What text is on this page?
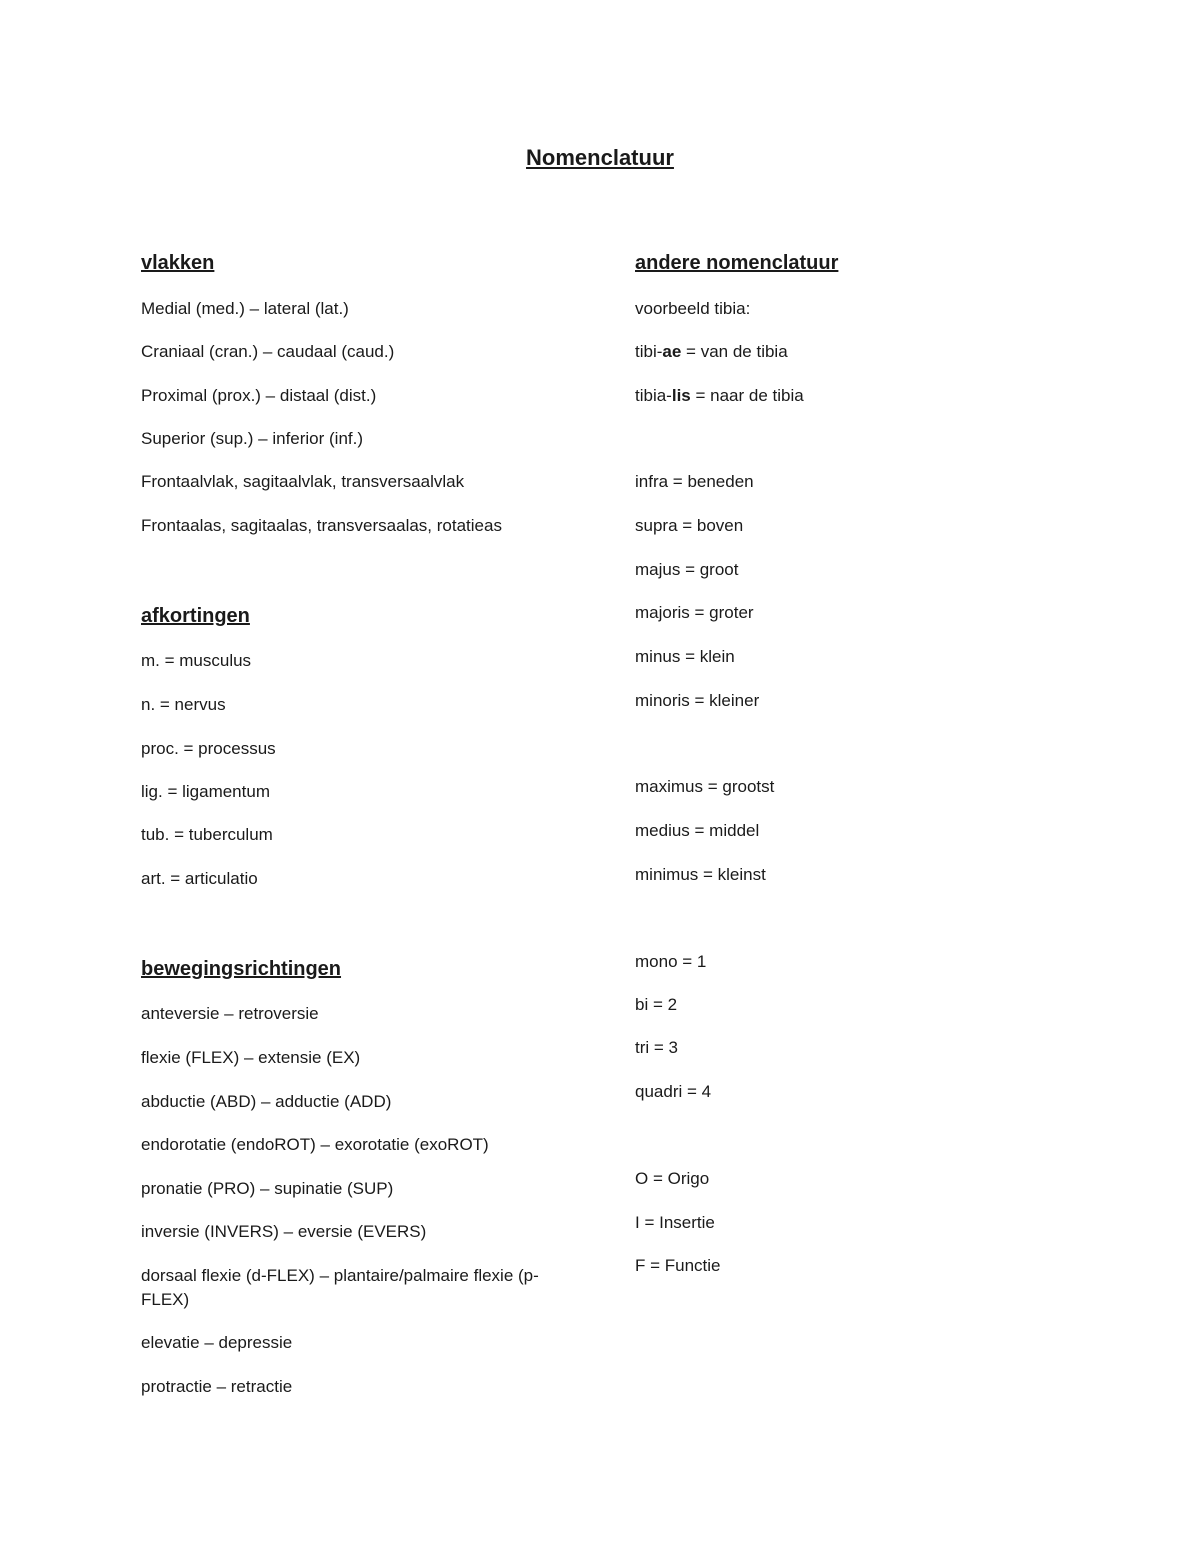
Nomenclatuur
vlakken
Medial (med.) – lateral (lat.)
Craniaal (cran.) – caudaal (caud.)
Proximal (prox.) – distaal (dist.)
Superior (sup.) – inferior (inf.)
Frontaalvlak, sagitaalvlak, transversaalvlak
Frontaalas, sagitaalas, transversaalas, rotatieas
afkortingen
m. = musculus
n. = nervus
proc. = processus
lig. = ligamentum
tub. = tuberculum
art. = articulatio
bewegingsrichtingen
anteversie – retroversie
flexie (FLEX) – extensie (EX)
abductie (ABD) – adductie (ADD)
endorotatie (endoROT) – exorotatie (exoROT)
pronatie (PRO) – supinatie (SUP)
inversie (INVERS) – eversie (EVERS)
dorsaal flexie (d-FLEX) – plantaire/palmaire flexie (p-FLEX)
elevatie – depressie
protractie – retractie
andere nomenclatuur
voorbeeld tibia:
tibi-ae = van de tibia
tibia-lis = naar de tibia
infra = beneden
supra = boven
majus = groot
majoris = groter
minus = klein
minoris = kleiner
maximus = grootst
medius = middel
minimus = kleinst
mono = 1
bi = 2
tri = 3
quadri = 4
O = Origo
I = Insertie
F = Functie
